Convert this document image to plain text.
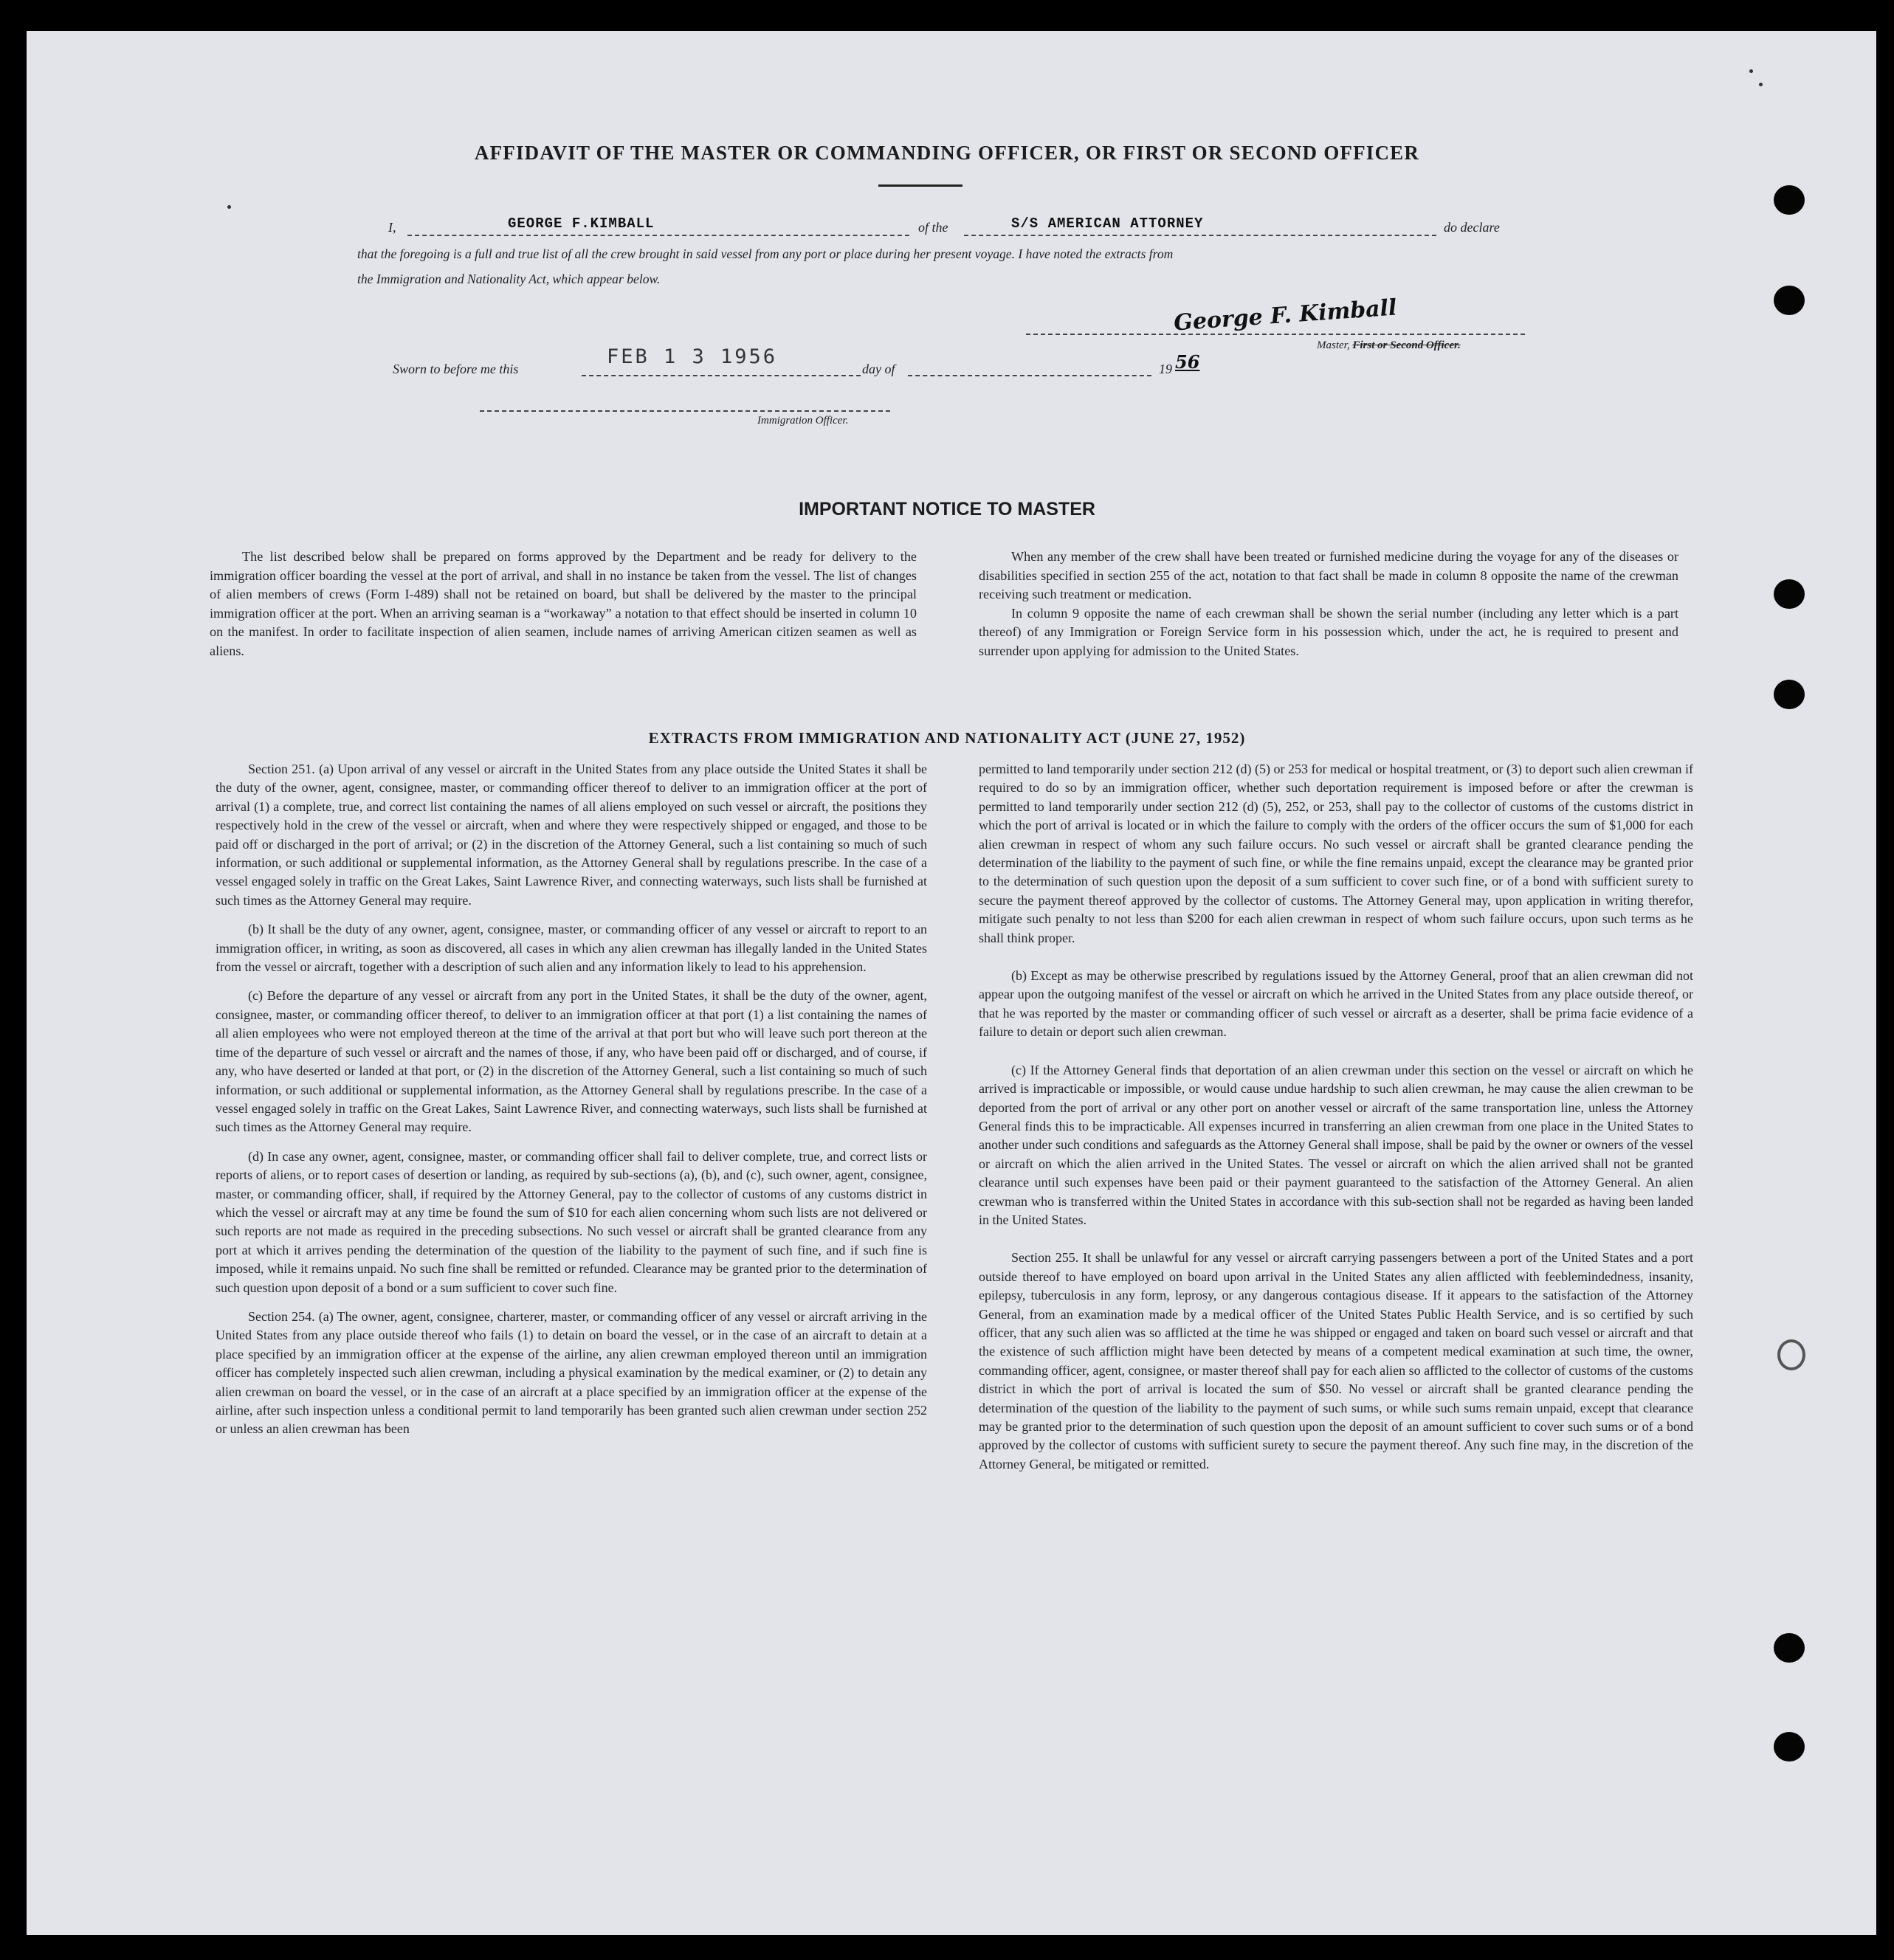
AFFIDAVIT OF THE MASTER OR COMMANDING OFFICER, OR FIRST OR SECOND OFFICER
I,	GEORGE F.KIMBALL	of the	S/S AMERICAN ATTORNEY	do declare
that the foregoing is a full and true list of all the crew brought in said vessel from any port or place during her present voyage. I have noted the extracts from
the Immigration and Nationality Act, which appear below.
George F. Kimball
Master, First or Second Officer.
Sworn to before me this
FEB 1 3 1956
day of	19 56
Immigration Officer.
IMPORTANT NOTICE TO MASTER

The list described below shall be prepared on forms approved by the Department and be ready for delivery to the immigration officer boarding the vessel at the port of arrival, and shall in no instance be taken from the vessel. The list of changes of alien members of crews (Form I-489) shall not be retained on board, but shall be delivered by the master to the principal immigration officer at the port. When an arriving seaman is a “workaway” a notation to that effect should be inserted in column 10 on the manifest. In order to facilitate inspection of alien seamen, include names of arriving American citizen seamen as well as aliens.

When any member of the crew shall have been treated or furnished medicine during the voyage for any of the diseases or disabilities specified in section 255 of the act, notation to that fact shall be made in column 8 opposite the name of the crewman receiving such treatment or medication.

In column 9 opposite the name of each crewman shall be shown the serial number (including any letter which is a part thereof) of any Immigration or Foreign Service form in his possession which, under the act, he is required to present and surrender upon applying for admission to the United States.

EXTRACTS FROM IMMIGRATION AND NATIONALITY ACT (JUNE 27, 1952)

Section 251. (a) Upon arrival of any vessel or aircraft in the United States from any place outside the United States it shall be the duty of the owner, agent, consignee, master, or commanding officer thereof to deliver to an immigration officer at the port of arrival (1) a complete, true, and correct list containing the names of all aliens employed on such vessel or aircraft, the positions they respectively hold in the crew of the vessel or aircraft, when and where they were respectively shipped or engaged, and those to be paid off or discharged in the port of arrival; or (2) in the discretion of the Attorney General, such a list containing so much of such information, or such additional or supplemental information, as the Attorney General shall by regulations prescribe. In the case of a vessel engaged solely in traffic on the Great Lakes, Saint Lawrence River, and connecting waterways, such lists shall be furnished at such times as the Attorney General may require.

(b) It shall be the duty of any owner, agent, consignee, master, or commanding officer of any vessel or aircraft to report to an immigration officer, in writing, as soon as discovered, all cases in which any alien crewman has illegally landed in the United States from the vessel or aircraft, together with a description of such alien and any information likely to lead to his apprehension.

(c) Before the departure of any vessel or aircraft from any port in the United States, it shall be the duty of the owner, agent, consignee, master, or commanding officer thereof, to deliver to an immigration officer at that port (1) a list containing the names of all alien employees who were not employed thereon at the time of the arrival at that port but who will leave such port thereon at the time of the departure of such vessel or aircraft and the names of those, if any, who have been paid off or discharged, and of course, if any, who have deserted or landed at that port, or (2) in the discretion of the Attorney General, such a list containing so much of such information, or such additional or supplemental information, as the Attorney General shall by regulations prescribe. In the case of a vessel engaged solely in traffic on the Great Lakes, Saint Lawrence River, and connecting waterways, such lists shall be furnished at such times as the Attorney General may require.

(d) In case any owner, agent, consignee, master, or commanding officer shall fail to deliver complete, true, and correct lists or reports of aliens, or to report cases of desertion or landing, as required by sub-sections (a), (b), and (c), such owner, agent, consignee, master, or commanding officer, shall, if required by the Attorney General, pay to the collector of customs of any customs district in which the vessel or aircraft may at any time be found the sum of $10 for each alien concerning whom such lists are not delivered or such reports are not made as required in the preceding subsections. No such vessel or aircraft shall be granted clearance from any port at which it arrives pending the determination of the question of the liability to the payment of such fine, and if such fine is imposed, while it remains unpaid. No such fine shall be remitted or refunded. Clearance may be granted prior to the determination of such question upon deposit of a bond or a sum sufficient to cover such fine.

Section 254. (a) The owner, agent, consignee, charterer, master, or commanding officer of any vessel or aircraft arriving in the United States from any place outside thereof who fails (1) to detain on board the vessel, or in the case of an aircraft to detain at a place specified by an immigration officer at the expense of the airline, any alien crewman employed thereon until an immigration officer has completely inspected such alien crewman, including a physical examination by the medical examiner, or (2) to detain any alien crewman on board the vessel, or in the case of an aircraft at a place specified by an immigration officer at the expense of the airline, after such inspection unless a conditional permit to land temporarily has been granted such alien crewman under section 252 or unless an alien crewman has been

permitted to land temporarily under section 212 (d) (5) or 253 for medical or hospital treatment, or (3) to deport such alien crewman if required to do so by an immigration officer, whether such deportation requirement is imposed before or after the crewman is permitted to land temporarily under section 212 (d) (5), 252, or 253, shall pay to the collector of customs of the customs district in which the port of arrival is located or in which the failure to comply with the orders of the officer occurs the sum of $1,000 for each alien crewman in respect of whom any such failure occurs. No such vessel or aircraft shall be granted clearance pending the determination of the liability to the payment of such fine, or while the fine remains unpaid, except the clearance may be granted prior to the determination of such question upon the deposit of a sum sufficient to cover such fine, or of a bond with sufficient surety to secure the payment thereof approved by the collector of customs. The Attorney General may, upon application in writing therefor, mitigate such penalty to not less than $200 for each alien crewman in respect of whom such failure occurs, upon such terms as he shall think proper.

(b) Except as may be otherwise prescribed by regulations issued by the Attorney General, proof that an alien crewman did not appear upon the outgoing manifest of the vessel or aircraft on which he arrived in the United States from any place outside thereof, or that he was reported by the master or commanding officer of such vessel or aircraft as a deserter, shall be prima facie evidence of a failure to detain or deport such alien crewman.

(c) If the Attorney General finds that deportation of an alien crewman under this section on the vessel or aircraft on which he arrived is impracticable or impossible, or would cause undue hardship to such alien crewman, he may cause the alien crewman to be deported from the port of arrival or any other port on another vessel or aircraft of the same transportation line, unless the Attorney General finds this to be impracticable. All expenses incurred in transferring an alien crewman from one place in the United States to another under such conditions and safeguards as the Attorney General shall impose, shall be paid by the owner or owners of the vessel or aircraft on which the alien arrived in the United States. The vessel or aircraft on which the alien arrived shall not be granted clearance until such expenses have been paid or their payment guaranteed to the satisfaction of the Attorney General. An alien crewman who is transferred within the United States in accordance with this sub-section shall not be regarded as having been landed in the United States.

Section 255. It shall be unlawful for any vessel or aircraft carrying passengers between a port of the United States and a port outside thereof to have employed on board upon arrival in the United States any alien afflicted with feeblemindedness, insanity, epilepsy, tuberculosis in any form, leprosy, or any dangerous contagious disease. If it appears to the satisfaction of the Attorney General, from an examination made by a medical officer of the United States Public Health Service, and is so certified by such officer, that any such alien was so afflicted at the time he was shipped or engaged and taken on board such vessel or aircraft and that the existence of such affliction might have been detected by means of a competent medical examination at such time, the owner, commanding officer, agent, consignee, or master thereof shall pay for each alien so afflicted to the collector of customs of the customs district in which the port of arrival is located the sum of $50. No vessel or aircraft shall be granted clearance pending the determination of the question of the liability to the payment of such sums, or while such sums remain unpaid, except that clearance may be granted prior to the determination of such question upon the deposit of an amount sufficient to cover such sums or of a bond approved by the collector of customs with sufficient surety to secure the payment thereof. Any such fine may, in the discretion of the Attorney General, be mitigated or remitted.
